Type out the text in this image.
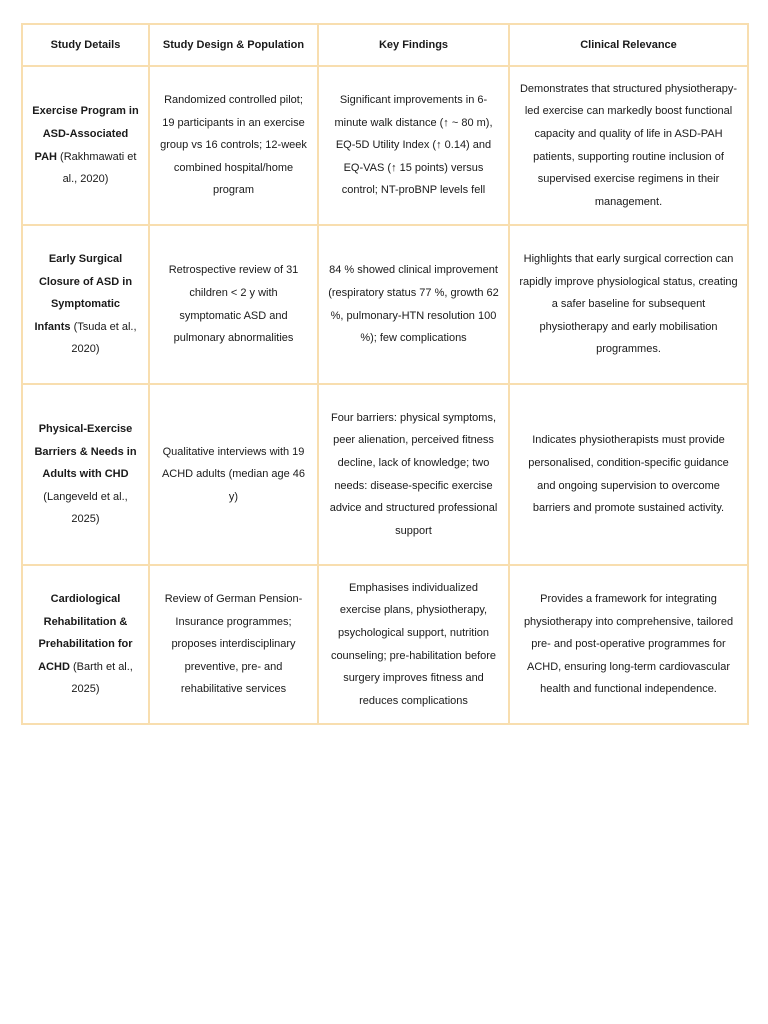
Study Details	Study Design & Population	Key Findings	Clinical Relevance
Exercise Program in ASD-Associated PAH (Rakhmawati et al., 2020)	Randomized controlled pilot; 19 participants in an exercise group vs 16 controls; 12-week combined hospital/home program	Significant improvements in 6-minute walk distance (↑ ~ 80 m), EQ-5D Utility Index (↑ 0.14) and EQ-VAS (↑ 15 points) versus control; NT-proBNP levels fell	Demonstrates that structured physiotherapy-led exercise can markedly boost functional capacity and quality of life in ASD-PAH patients, supporting routine inclusion of supervised exercise regimens in their management.
Early Surgical Closure of ASD in Symptomatic Infants (Tsuda et al., 2020)	Retrospective review of 31 children < 2 y with symptomatic ASD and pulmonary abnormalities	84 % showed clinical improvement (respiratory status 77 %, growth 62 %, pulmonary-HTN resolution 100 %); few complications	Highlights that early surgical correction can rapidly improve physiological status, creating a safer baseline for subsequent physiotherapy and early mobilisation programmes.
Physical-Exercise Barriers & Needs in Adults with CHD (Langeveld et al., 2025)	Qualitative interviews with 19 ACHD adults (median age 46 y)	Four barriers: physical symptoms, peer alienation, perceived fitness decline, lack of knowledge; two needs: disease-specific exercise advice and structured professional support	Indicates physiotherapists must provide personalised, condition-specific guidance and ongoing supervision to overcome barriers and promote sustained activity.
Cardiological Rehabilitation & Prehabilitation for ACHD (Barth et al., 2025)	Review of German Pension-Insurance programmes; proposes interdisciplinary preventive, pre- and rehabilitative services	Emphasises individualized exercise plans, physiotherapy, psychological support, nutrition counseling; pre-habilitation before surgery improves fitness and reduces complications	Provides a framework for integrating physiotherapy into comprehensive, tailored pre- and post-operative programmes for ACHD, ensuring long-term cardiovascular health and functional independence.
